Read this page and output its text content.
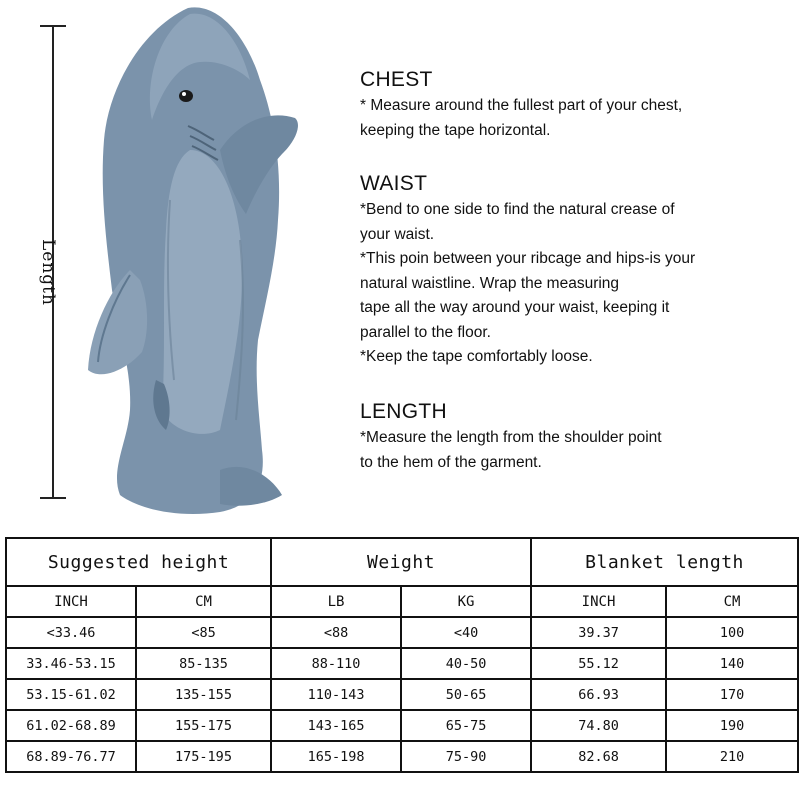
Length
CHEST
* Measure around the fullest part of your chest,
keeping the tape horizontal.
WAIST
*Bend to one side to find the natural crease of
your waist.
*This poin between your ribcage and hips-is your
natural waistline. Wrap the measuring
tape all the way around your waist, keeping it
parallel to the floor.
*Keep the tape comfortably loose.
LENGTH
*Measure the length from the shoulder point
to the hem of the garment.
Suggested height		Weight		Blanket length	
INCH	CM	LB	KG	INCH	CM
<33.46	<85	<88	<40	39.37	100
33.46-53.15	85-135	88-110	40-50	55.12	140
53.15-61.02	135-155	110-143	50-65	66.93	170
61.02-68.89	155-175	143-165	65-75	74.80	190
68.89-76.77	175-195	165-198	75-90	82.68	210
